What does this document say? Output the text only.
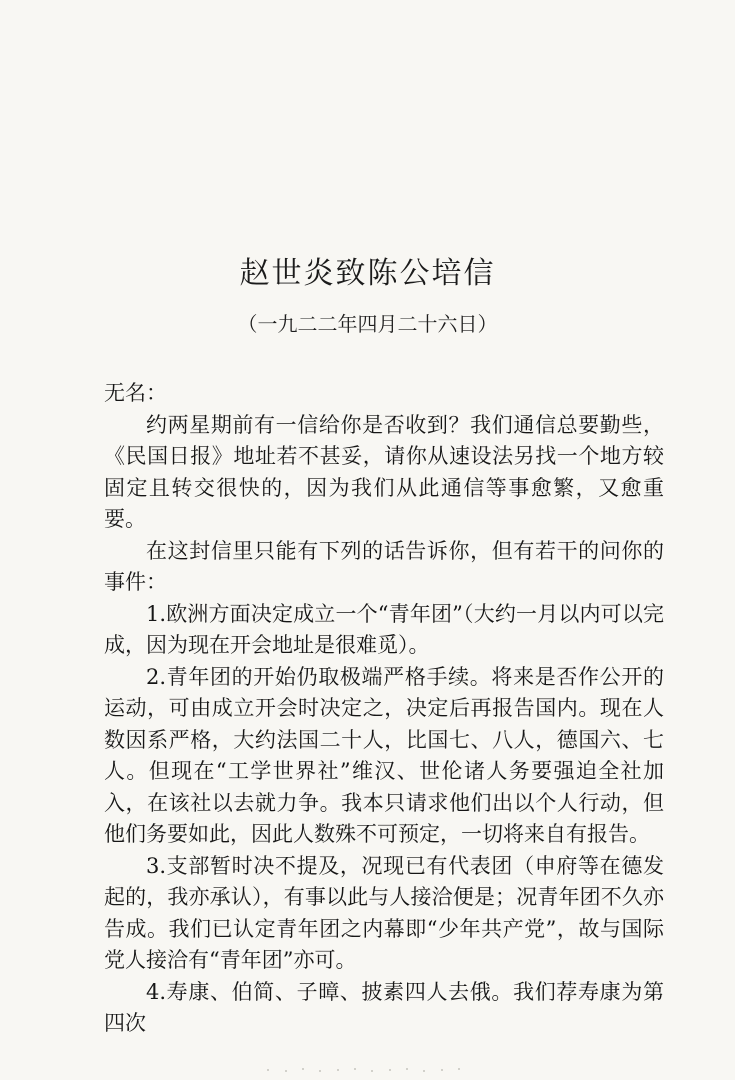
赵世炎致陈公培信
（一九二二年四月二十六日）

无名：

约两星期前有一信给你是否收到？我们通信总要勤些，《民国日报》地址若不甚妥，请你从速设法另找一个地方较固定且转交很快的，因为我们从此通信等事愈繁，又愈重要。

在这封信里只能有下列的话告诉你，但有若干的问你的事件：

1.欧洲方面决定成立一个“青年团”（大约一月以内可以完成，因为现在开会地址是很难觅）。

2.青年团的开始仍取极端严格手续。将来是否作公开的运动，可由成立开会时决定之，决定后再报告国内。现在人数因系严格，大约法国二十人，比国七、八人，德国六、七人。但现在“工学世界社”维汉、世伦诸人务要强迫全社加入，在该社以去就力争。我本只请求他们出以个人行动，但他们务要如此，因此人数殊不可预定，一切将来自有报告。

3.支部暂时决不提及，况现已有代表团（申府等在德发起的，我亦承认），有事以此与人接洽便是；况青年团不久亦告成。我们已认定青年团之内幕即“少年共产党”，故与国际党人接洽有“青年团”亦可。

4.寿康、伯简、子暲、披素四人去俄。我们荐寿康为第四次
